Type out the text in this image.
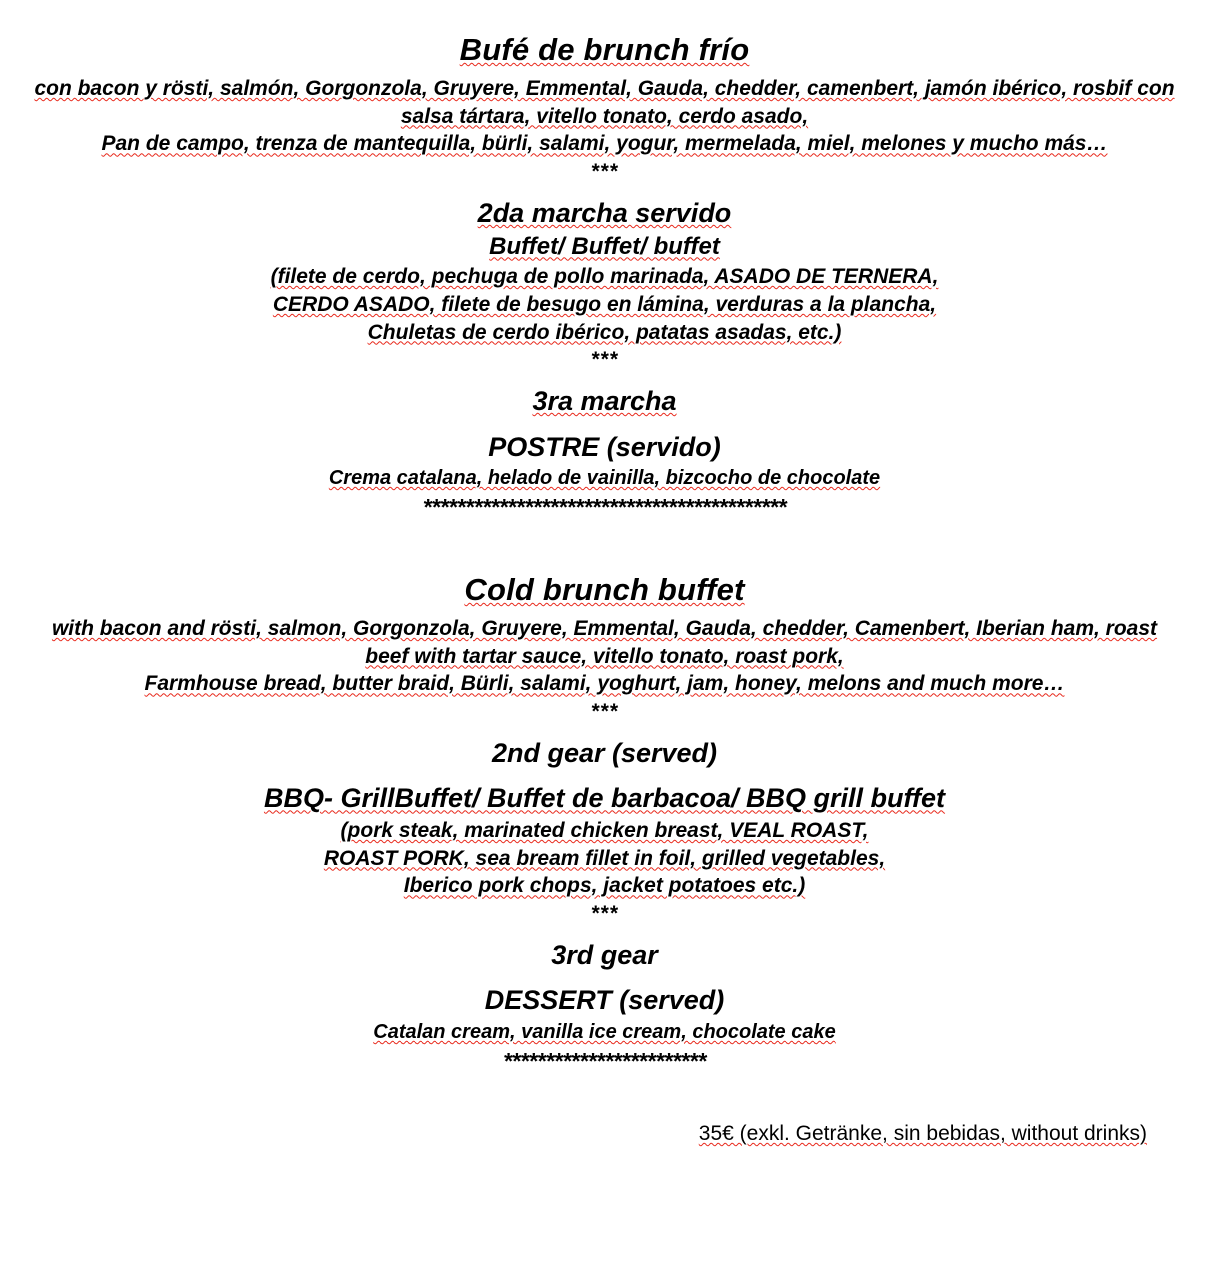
Bufé de brunch frío
con bacon y rösti, salmón, Gorgonzola, Gruyere, Emmental, Gauda, chedder, camenbert, jamón ibérico, rosbif con
salsa tártara, vitello tonato, cerdo asado,
Pan de campo, trenza de mantequilla, bürli, salami, yogur, mermelada, miel, melones y mucho más…
***
2da marcha servido
Buffet/ Buffet/ buffet
(filete de cerdo, pechuga de pollo marinada, ASADO DE TERNERA,
CERDO ASADO, filete de besugo en lámina, verduras a la plancha,
Chuletas de cerdo ibérico, patatas asadas, etc.)
***
3ra marcha
POSTRE (servido)
Crema catalana, helado de vainilla, bizcocho de chocolate
*******************************************
Cold brunch buffet
with bacon and rösti, salmon, Gorgonzola, Gruyere, Emmental, Gauda, chedder, Camenbert, Iberian ham, roast
beef with tartar sauce, vitello tonato, roast pork,
Farmhouse bread, butter braid, Bürli, salami, yoghurt, jam, honey, melons and much more…
***
2nd gear (served)
BBQ- GrillBuffet/ Buffet de barbacoa/ BBQ grill buffet
(pork steak, marinated chicken breast, VEAL ROAST,
ROAST PORK, sea bream fillet in foil, grilled vegetables,
Iberico pork chops, jacket potatoes etc.)
***
3rd gear
DESSERT (served)
Catalan cream, vanilla ice cream, chocolate cake
************************
35€ (exkl. Getränke, sin bebidas, without drinks)
